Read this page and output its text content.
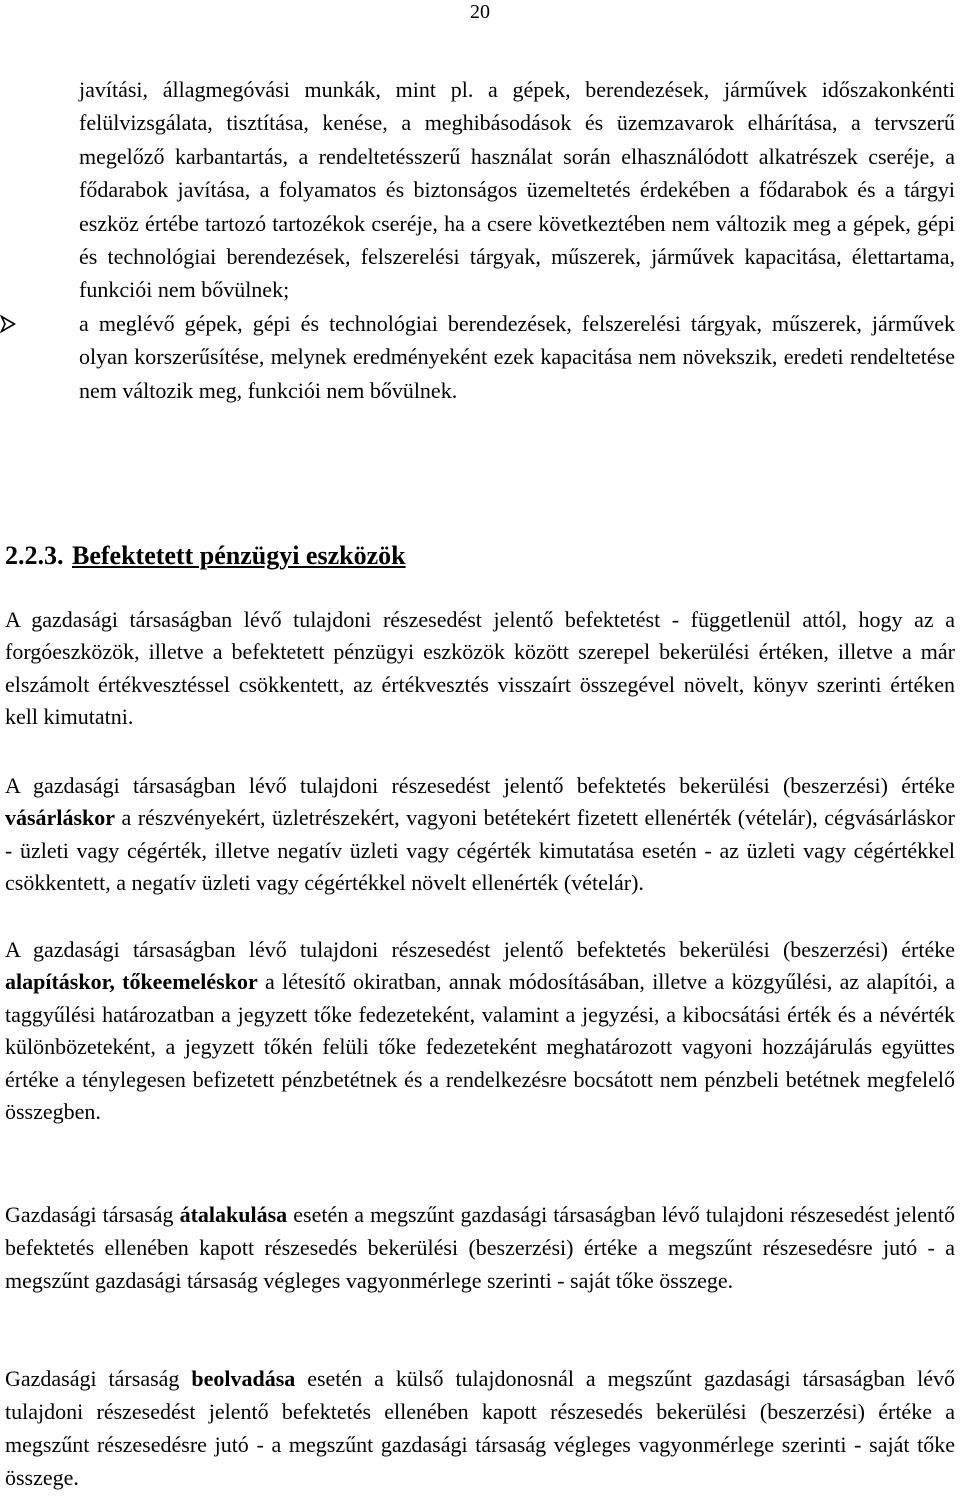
20

javítási, állagmegóvási munkák, mint pl. a gépek, berendezések, járművek időszakonkénti felülvizsgálata, tisztítása, kenése, a meghibásodások és üzemzavarok elhárítása, a tervszerű megelőző karbantartás, a rendeltetésszerű használat során elhasználódott alkatrészek cseréje, a fődarabok javítása, a folyamatos és biztonságos üzemeltetés érdekében a fődarabok és a tárgyi eszköz értébe tartozó tartozékok cseréje, ha a csere következtében nem változik meg a gépek, gépi és technológiai berendezések, felszerelési tárgyak, műszerek, járművek kapacitása, élettartama, funkciói nem bővülnek;

a meglévő gépek, gépi és technológiai berendezések, felszerelési tárgyak, műszerek, járművek olyan korszerűsítése, melynek eredményeként ezek kapacitása nem növekszik, eredeti rendeltetése nem változik meg, funkciói nem bővülnek.

2.2.3. Befektetett pénzügyi eszközök

A gazdasági társaságban lévő tulajdoni részesedést jelentő befektetést - függetlenül attól, hogy az a forgóeszközök, illetve a befektetett pénzügyi eszközök között szerepel bekerülési értéken, illetve a már elszámolt értékvesztéssel csökkentett, az értékvesztés visszaírt összegével növelt, könyv szerinti értéken kell kimutatni.

A gazdasági társaságban lévő tulajdoni részesedést jelentő befektetés bekerülési (beszerzési) értéke vásárláskor a részvényekért, üzletrészekért, vagyoni betétekért fizetett ellenérték (vételár), cégvásárláskor - üzleti vagy cégérték, illetve negatív üzleti vagy cégérték kimutatása esetén - az üzleti vagy cégértékkel csökkentett, a negatív üzleti vagy cégértékkel növelt ellenérték (vételár).

A gazdasági társaságban lévő tulajdoni részesedést jelentő befektetés bekerülési (beszerzési) értéke alapításkor, tőkeemeléskor a létesítő okiratban, annak módosításában, illetve a közgyűlési, az alapítói, a taggyűlési határozatban a jegyzett tőke fedezeteként, valamint a jegyzési, a kibocsátási érték és a névérték különbözeteként, a jegyzett tőkén felüli tőke fedezeteként meghatározott vagyoni hozzájárulás együttes értéke a ténylegesen befizetett pénzbetétnek és a rendelkezésre bocsátott nem pénzbeli betétnek megfelelő összegben.

Gazdasági társaság átalakulása esetén a megszűnt gazdasági társaságban lévő tulajdoni részesedést jelentő befektetés ellenében kapott részesedés bekerülési (beszerzési) értéke a megszűnt részesedésre jutó - a megszűnt gazdasági társaság végleges vagyonmérlege szerinti - saját tőke összege.

Gazdasági társaság beolvadása esetén a külső tulajdonosnál a megszűnt gazdasági társaságban lévő tulajdoni részesedést jelentő befektetés ellenében kapott részesedés bekerülési (beszerzési) értéke a megszűnt részesedésre jutó - a megszűnt gazdasági társaság végleges vagyonmérlege szerinti - saját tőke összege.
